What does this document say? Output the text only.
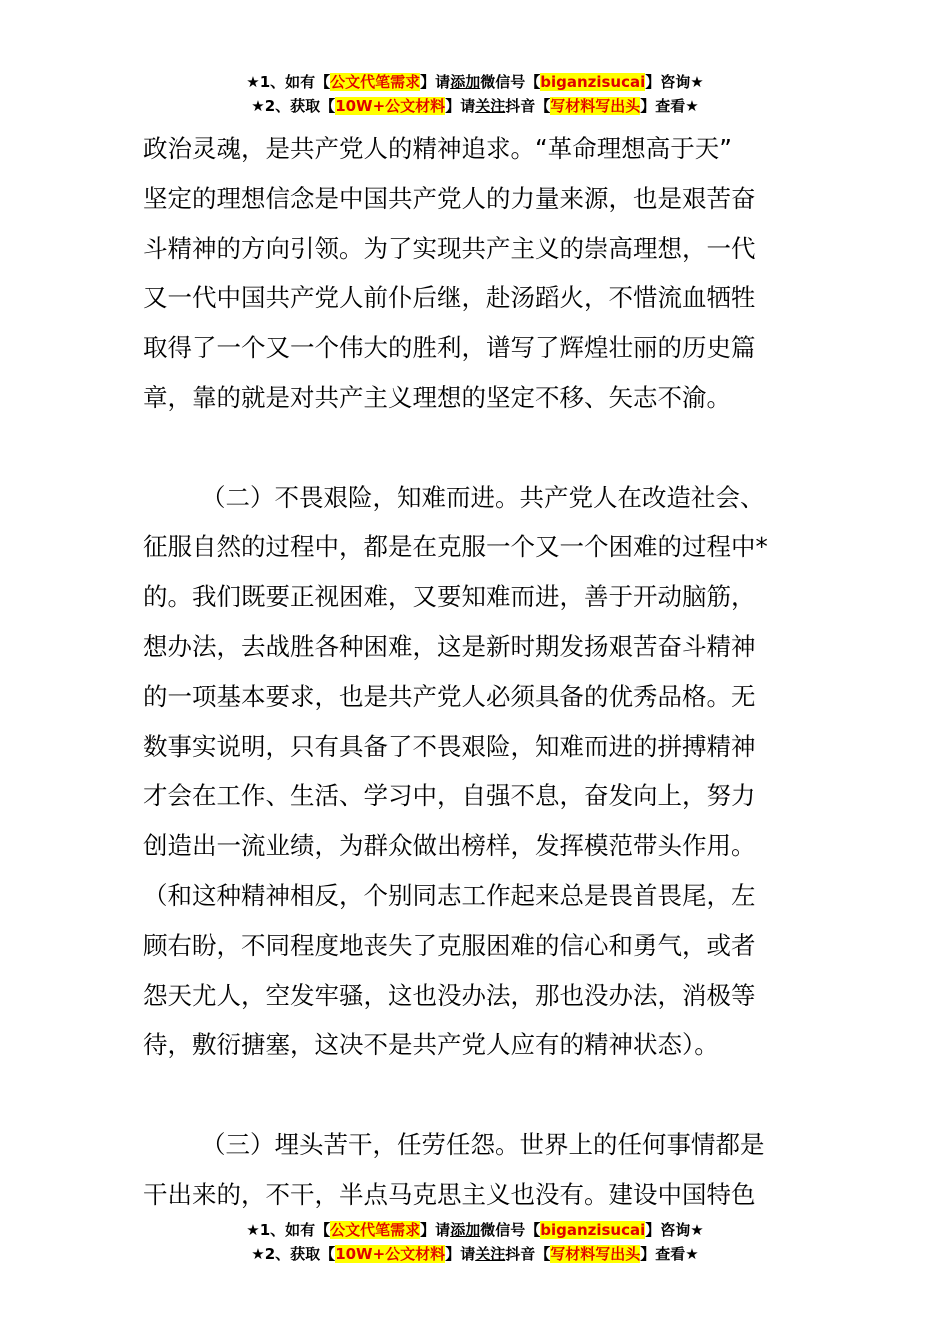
★1、如有【公文代笔需求】请添加微信号【biganzisucai】咨询★
★2、获取【10W+公文材料】请关注抖音【写材料写出头】查看★

政治灵魂，是共产党人的精神追求。“革命理想高于天”
坚定的理想信念是中国共产党人的力量来源，也是艰苦奋
斗精神的方向引领。为了实现共产主义的崇高理想，一代
又一代中国共产党人前仆后继，赴汤蹈火，不惜流血牺牲
取得了一个又一个伟大的胜利，谱写了辉煌壮丽的历史篇
章，靠的就是对共产主义理想的坚定不移、矢志不渝。

（二）不畏艰险，知难而进。共产党人在改造社会、
征服自然的过程中，都是在克服一个又一个困难的过程中*
的。我们既要正视困难，又要知难而进，善于开动脑筋，
想办法，去战胜各种困难，这是新时期发扬艰苦奋斗精神
的一项基本要求，也是共产党人必须具备的优秀品格。无
数事实说明，只有具备了不畏艰险，知难而进的拼搏精神
才会在工作、生活、学习中，自强不息，奋发向上，努力
创造出一流业绩，为群众做出榜样，发挥模范带头作用。
（和这种精神相反，个别同志工作起来总是畏首畏尾，左
顾右盼，不同程度地丧失了克服困难的信心和勇气，或者
怨天尤人，空发牢骚，这也没办法，那也没办法，消极等
待，敷衍搪塞，这决不是共产党人应有的精神状态）。

（三）埋头苦干，任劳任怨。世界上的任何事情都是
干出来的，不干，半点马克思主义也没有。建设中国特色

★1、如有【公文代笔需求】请添加微信号【biganzisucai】咨询★
★2、获取【10W+公文材料】请关注抖音【写材料写出头】查看★
